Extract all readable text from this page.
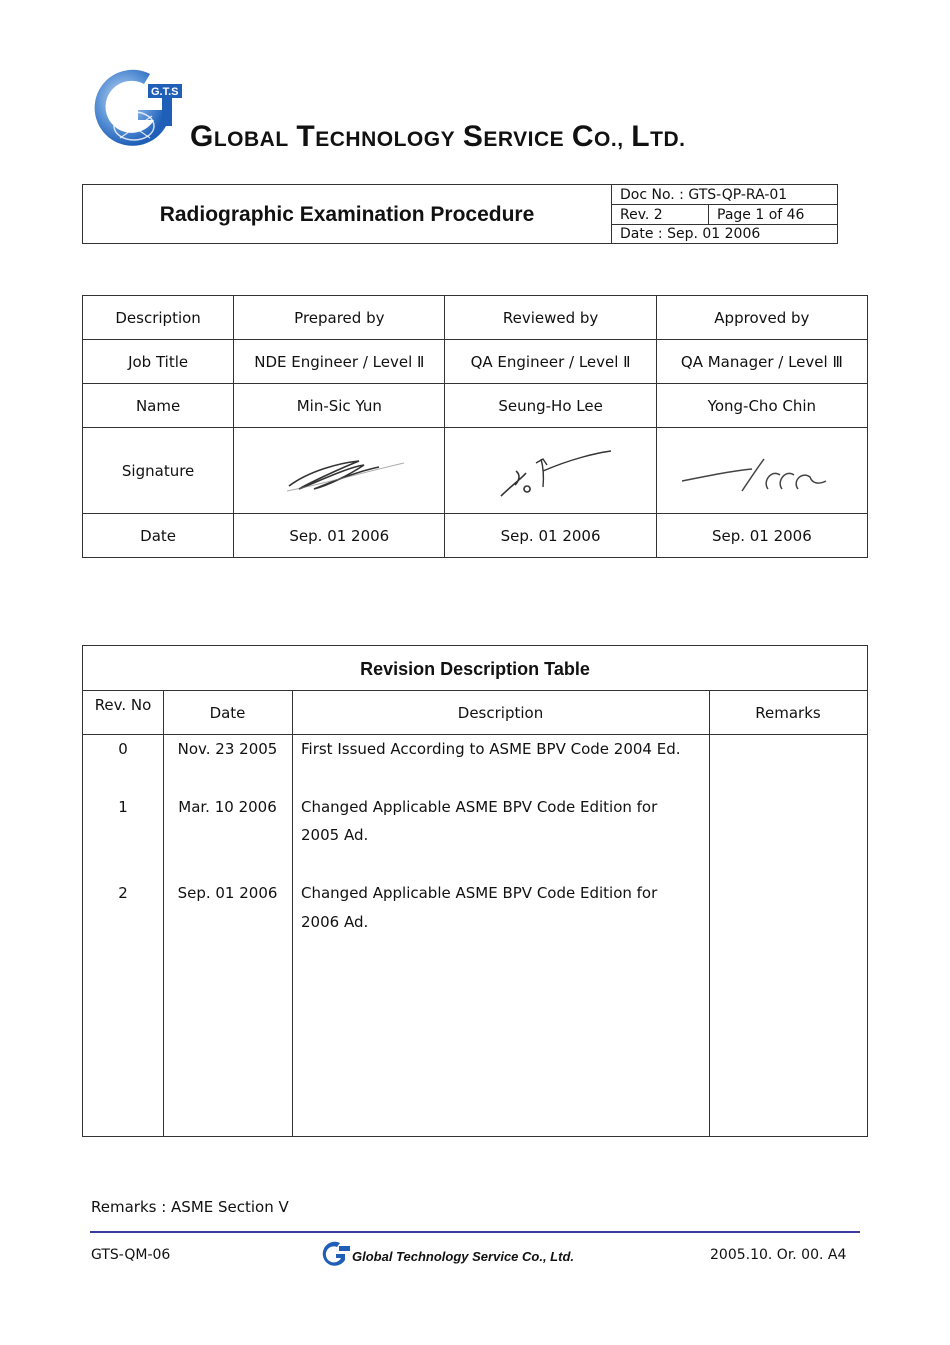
G.T.S
GLOBAL TECHNOLOGY SERVICE CO., LTD.
Radiographic Examination Procedure
Doc No. : GTS-QP-RA-01
Rev. 2	Page 1 of 46
Date : Sep. 01 2006
Description	Prepared by	Reviewed by	Approved by
Job Title	NDE Engineer / Level Ⅱ	QA Engineer / Level Ⅱ	QA Manager / Level Ⅲ
Name	Min-Sic Yun	Seung-Ho Lee	Yong-Cho Chin
Signature	

Date	Sep. 01 2006	Sep. 01 2006	Sep. 01 2006
Revision Description Table
Rev. No	Date	Description	Remarks
0	Nov. 23 2005	First Issued According to ASME BPV Code 2004 Ed.
1	Mar. 10 2006	Changed Applicable ASME BPV Code Edition for
2005 Ad.
2	Sep. 01 2006	Changed Applicable ASME BPV Code Edition for
2006 Ad.
Remarks : ASME Section Ⅴ
GTS-QM-06	Global Technology Service Co., Ltd.	2005.10. Or. 00. A4
